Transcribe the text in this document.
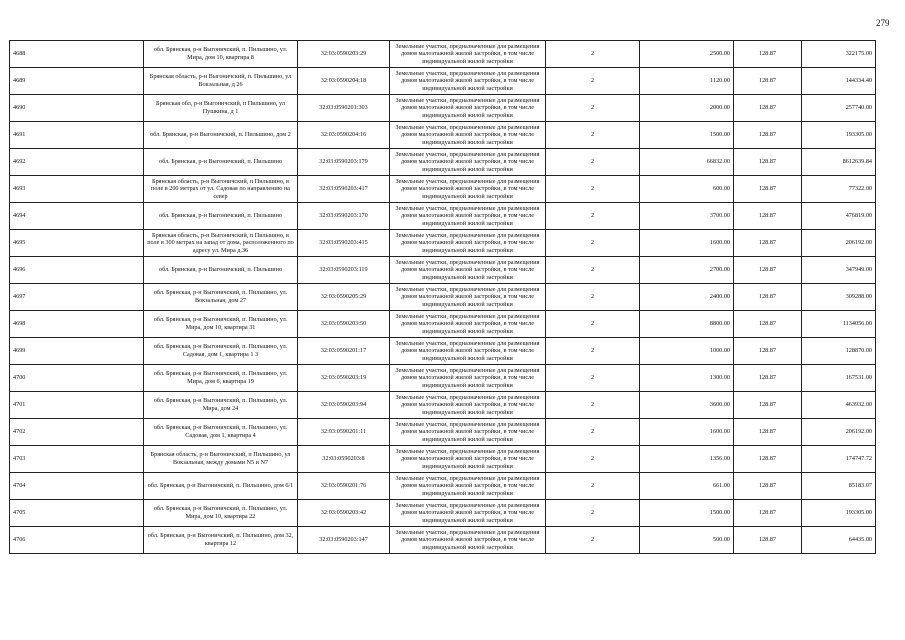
279
4688	обл. Брянская, р-н Выгоничский, п. Пильшино, ул. Мира, дом 10, квартира 8	32:03:0590203:29	Земельные участки, предназначенные для размещения домов малоэтажной жилой застройки, в том числе индивидуальной жилой застройки	2	2500.00	128.87	322175.00
4689	Брянская область, р-н Выгоничский, п. Пильшино, ул Вокзальная, д 26	32:03:0590204:18	Земельные участки, предназначенные для размещения домов малоэтажной жилой застройки, в том числе индивидуальной жилой застройки	2	1120.00	128.87	144334.40
4690	Брянская обл, р-н Выгоничский, п Пильшино, ул Пушкина, д 1	32:03:0590201:303	Земельные участки, предназначенные для размещения домов малоэтажной жилой застройки, в том числе индивидуальной жилой застройки	2	2000.00	128.87	257740.00
4691	обл. Брянская, р-н Выгоничский, п. Пильшино, дом 2	32:03:0590204:16	Земельные участки, предназначенные для размещения домов малоэтажной жилой застройки, в том числе индивидуальной жилой застройки	2	1500.00	128.87	193305.00
4692	обл. Брянская, р-н Выгоничский, п. Пильшино	32:03:0590203:179	Земельные участки, предназначенные для размещения домов малоэтажной жилой застройки, в том числе индивидуальной жилой застройки	2	66832.00	128.87	8612639.84
4693	Брянская область, р-н Выгоничский, п Пильшино, в поле в 200 метрах от ул. Садовая по направлению на север	32:03:0590203:417	Земельные участки, предназначенные для размещения домов малоэтажной жилой застройки, в том числе индивидуальной жилой застройки	2	600.00	128.87	77322.00
4694	обл. Брянская, р-н Выгоничский, п. Пильшино	32:03:0590203:170	Земельные участки, предназначенные для размещения домов малоэтажной жилой застройки, в том числе индивидуальной жилой застройки	2	3700.00	128.87	476819.00
4695	Брянская область, р-н Выгоничский, п Пильшино, в поле в 300 метрах на запад от дома, расположенного по адресу ул. Мира д.36	32:03:0590203:415	Земельные участки, предназначенные для размещения домов малоэтажной жилой застройки, в том числе индивидуальной жилой застройки	2	1600.00	128.87	206192.00
4696	обл. Брянская, р-н Выгоничский, п. Пильшино	32:03:0590203:119	Земельные участки, предназначенные для размещения домов малоэтажной жилой застройки, в том числе индивидуальной жилой застройки	2	2700.00	128.87	347949.00
4697	обл. Брянская, р-н Выгоничский, п. Пильшино, ул. Вокзальная, дом 27	32:03:0590205:29	Земельные участки, предназначенные для размещения домов малоэтажной жилой застройки, в том числе индивидуальной жилой застройки	2	2400.00	128.87	309288.00
4698	обл. Брянская, р-н Выгоничский, п. Пильшино, ул. Мира, дом 10, квартира 31	32:03:0590203:50	Земельные участки, предназначенные для размещения домов малоэтажной жилой застройки, в том числе индивидуальной жилой застройки	2	8800.00	128.87	1134056.00
4699	обл. Брянская, р-н Выгоничский, п. Пильшино, ул. Садовая, дом 1, квартира 1 3	32:03:0590201:17	Земельные участки, предназначенные для размещения домов малоэтажной жилой застройки, в том числе индивидуальной жилой застройки	2	1000.00	128.87	128870.00
4700	обл. Брянская, р-н Выгоничский, п. Пильшино, ул. Мира, дом 6, квартира 19	32:03:0590203:19	Земельные участки, предназначенные для размещения домов малоэтажной жилой застройки, в том числе индивидуальной жилой застройки	2	1300.00	128.87	167531.00
4701	обл. Брянская, р-н Выгоничский, п. Пильшино, ул. Мира, дом 24	32:03:0590203:94	Земельные участки, предназначенные для размещения домов малоэтажной жилой застройки, в том числе индивидуальной жилой застройки	2	3600.00	128.87	463932.00
4702	обл. Брянская, р-н Выгоничский, п. Пильшино, ул. Садовая, дом 1, квартира 4	32:03:0590201:11	Земельные участки, предназначенные для размещения домов малоэтажной жилой застройки, в том числе индивидуальной жилой застройки	2	1600.00	128.87	206192.00
4703	Брянская область, р-н Выгоничский, п Пильшино, ул Вокзальная, между домами N5 и N7	32:03:0590203:8	Земельные участки, предназначенные для размещения домов малоэтажной жилой застройки, в том числе индивидуальной жилой застройки	2	1356.00	128.87	174747.72
4704	обл. Брянская, р-н Выгоничский, п. Пильшино, дом 6/1	32:03:0590201:76	Земельные участки, предназначенные для размещения домов малоэтажной жилой застройки, в том числе индивидуальной жилой застройки	2	661.00	128.87	85183.07
4705	обл. Брянская, р-н Выгоничский, п. Пильшино, ул. Мира, дом 10, квартира 22	32:03:0590203:42	Земельные участки, предназначенные для размещения домов малоэтажной жилой застройки, в том числе индивидуальной жилой застройки	2	1500.00	128.87	193305.00
4706	обл. Брянская, р-н Выгоничский, п. Пильшино, дом 32, квартира 12	32:03:0590203:147	Земельные участки, предназначенные для размещения домов малоэтажной жилой застройки, в том числе индивидуальной жилой застройки	2	500.00	128.87	64435.00
